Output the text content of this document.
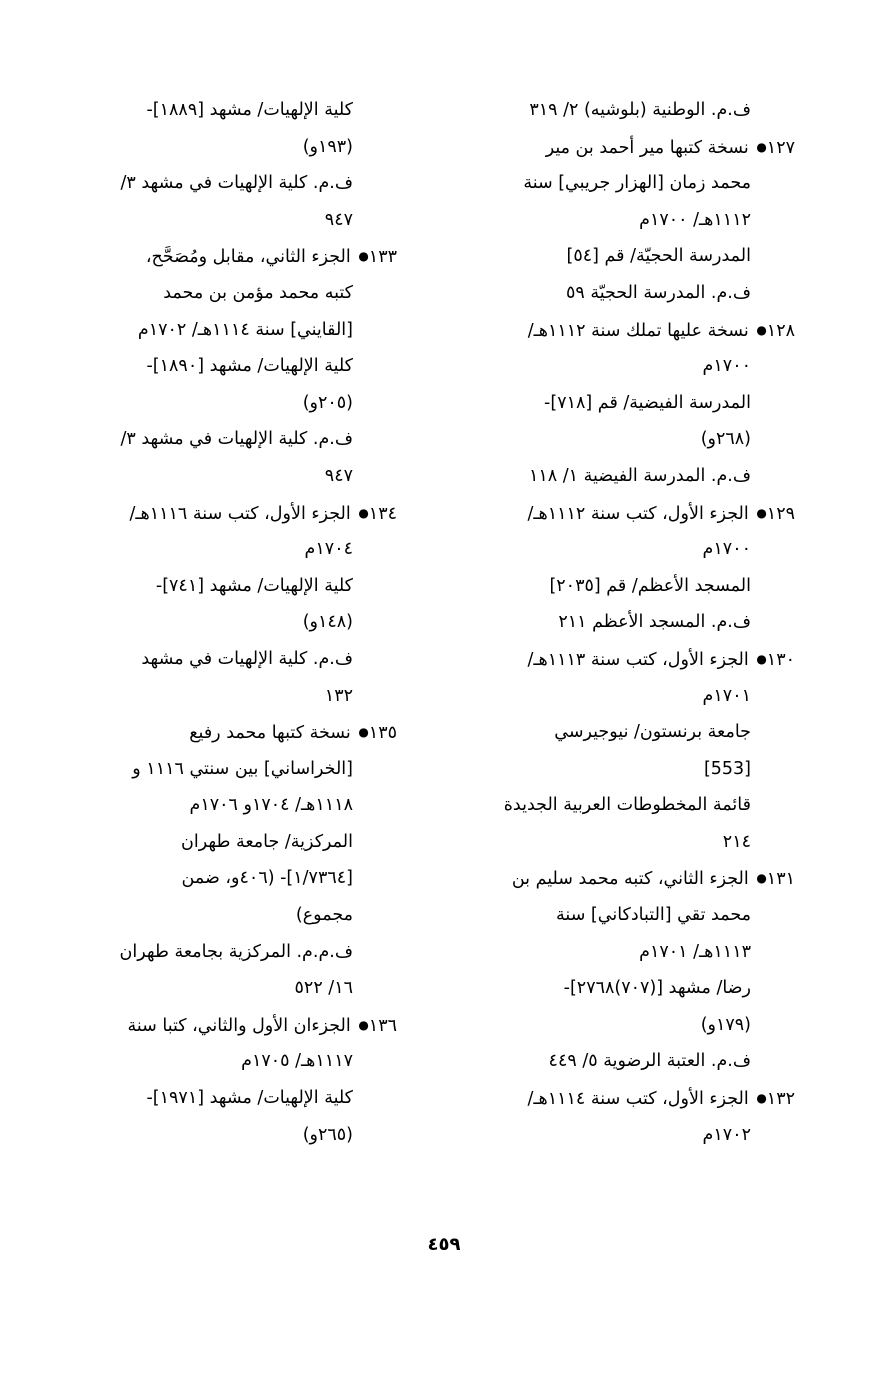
ف.م. الوطنية (بلوشيه) ٢/ ٣١٩
١٢٧● نسخة كتبها مير أحمد بن مير
محمد زمان [الهزار جريبي] سنة
١١١٢هـ/ ١٧٠٠م
المدرسة الحجيّة/ قم [٥٤]
ف.م. المدرسة الحجيّة ٥٩
١٢٨● نسخة عليها تملك سنة ١١١٢هـ/
١٧٠٠م
المدرسة الفيضية/ قم [٧١٨]-
(٢٦٨و)
ف.م. المدرسة الفيضية ١/ ١١٨
١٢٩● الجزء الأول، كتب سنة ١١١٢هـ/
١٧٠٠م
المسجد الأعظم/ قم [٢٠٣٥]
ف.م. المسجد الأعظم ٢١١
١٣٠● الجزء الأول، كتب سنة ١١١٣هـ/
١٧٠١م
جامعة برنستون/ نيوجيرسي
[553]
قائمة المخطوطات العربية الجديدة
٢١٤
١٣١● الجزء الثاني، كتبه محمد سليم بن
محمد تقي [التبادكاني] سنة
١١١٣هـ/ ١٧٠١م
رضا/ مشهد [(٧٠٧)٢٧٦٨]-
(١٧٩و)
ف.م. العتبة الرضوية ٥/ ٤٤٩
١٣٢● الجزء الأول، كتب سنة ١١١٤هـ/
١٧٠٢م
كلية الإلهيات/ مشهد [١٨٨٩]-
(١٩٣و)
ف.م. كلية الإلهيات في مشهد ٣/
٩٤٧
١٣٣● الجزء الثاني، مقابل ومُصَحَّح،
كتبه محمد مؤمن بن محمد
[القايني] سنة ١١١٤هـ/ ١٧٠٢م
كلية الإلهيات/ مشهد [١٨٩٠]-
(٢٠٥و)
ف.م. كلية الإلهيات في مشهد ٣/
٩٤٧
١٣٤● الجزء الأول، كتب سنة ١١١٦هـ/
١٧٠٤م
كلية الإلهيات/ مشهد [٧٤١]-
(١٤٨و)
ف.م. كلية الإلهيات في مشهد
١٣٢
١٣٥● نسخة كتبها محمد رفيع
[الخراساني] بين سنتي ١١١٦ و
١١١٨هـ/ ١٧٠٤و ١٧٠٦م
المركزية/ جامعة طهران
[١/٧٣٦٤]- (٤٠٦و، ضمن
مجموع)
ف.م.م. المركزية بجامعة طهران
١٦/ ٥٢٢
١٣٦● الجزءان الأول والثاني، كتبا سنة
١١١٧هـ/ ١٧٠٥م
كلية الإلهيات/ مشهد [١٩٧١]-
(٢٦٥و)
٤٥٩
